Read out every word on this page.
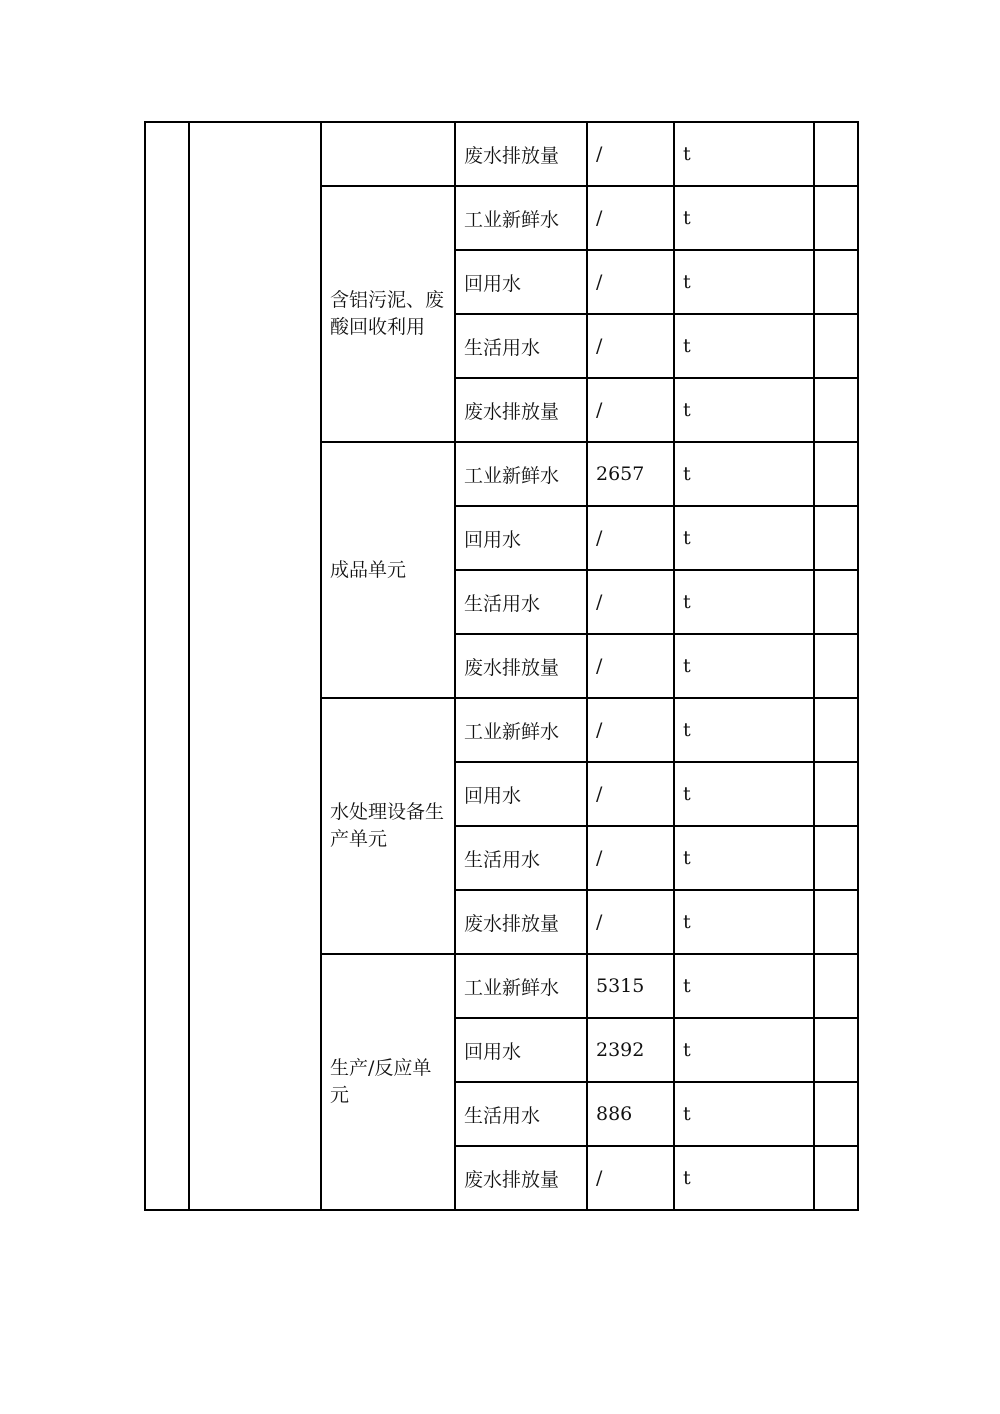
			废水排放量	/	t	
		含铝污泥、废酸回收利用	工业新鲜水	/	t	
			回用水	/	t	
			生活用水	/	t	
			废水排放量	/	t	
		成品单元	工业新鲜水	2657	t	
			回用水	/	t	
			生活用水	/	t	
			废水排放量	/	t	
		水处理设备生产单元	工业新鲜水	/	t	
			回用水	/	t	
			生活用水	/	t	
			废水排放量	/	t	
		生产/反应单元	工业新鲜水	5315	t	
			回用水	2392	t	
			生活用水	886	t	
			废水排放量	/	t	
